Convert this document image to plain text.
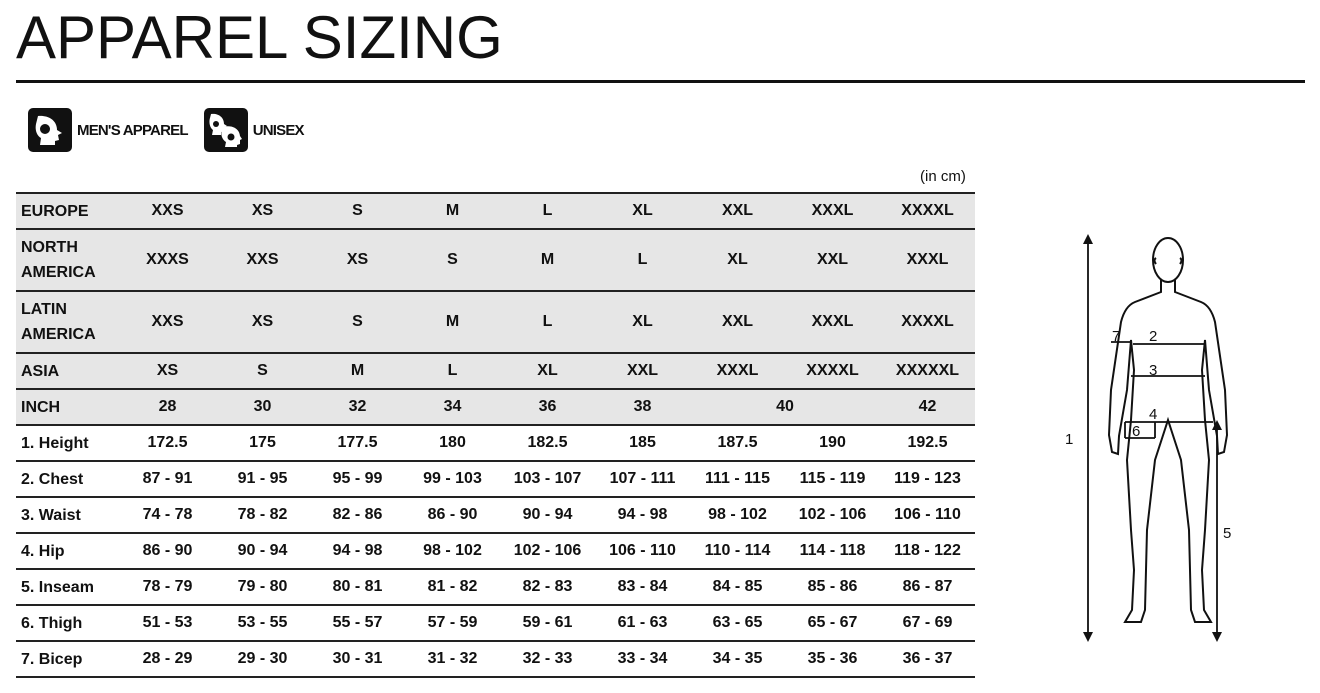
APPAREL SIZING
MEN'S APPAREL	UNISEX
(in cm)
EUROPE	XXS	XS	S	M	L	XL	XXL	XXXL	XXXXL
NORTH AMERICA	XXXS	XXS	XS	S	M	L	XL	XXL	XXXL
LATIN AMERICA	XXS	XS	S	M	L	XL	XXL	XXXL	XXXXL
ASIA	XS	S	M	L	XL	XXL	XXXL	XXXXL	XXXXXL
INCH	28	30	32	34	36	38	40		42
1. Height	172.5	175	177.5	180	182.5	185	187.5	190	192.5
2. Chest	87 - 91	91 - 95	95 - 99	99 - 103	103 - 107	107 - 111	111 - 115	115 - 119	119 - 123
3. Waist	74 - 78	78 - 82	82 - 86	86 - 90	90 - 94	94 - 98	98 - 102	102 - 106	106 - 110
4. Hip	86 - 90	90 - 94	94 - 98	98 - 102	102 - 106	106 - 110	110 - 114	114 - 118	118 - 122
5. Inseam	78 - 79	79 - 80	80 - 81	81 - 82	82 - 83	83 - 84	84 - 85	85 - 86	86 - 87
6. Thigh	51 - 53	53 - 55	55 - 57	57 - 59	59 - 61	61 - 63	63 - 65	65 - 67	67 - 69
7. Bicep	28 - 29	29 - 30	30 - 31	31 - 32	32 - 33	33 - 34	34 - 35	35 - 36	36 - 37
1
2
3
4
5
6
7
